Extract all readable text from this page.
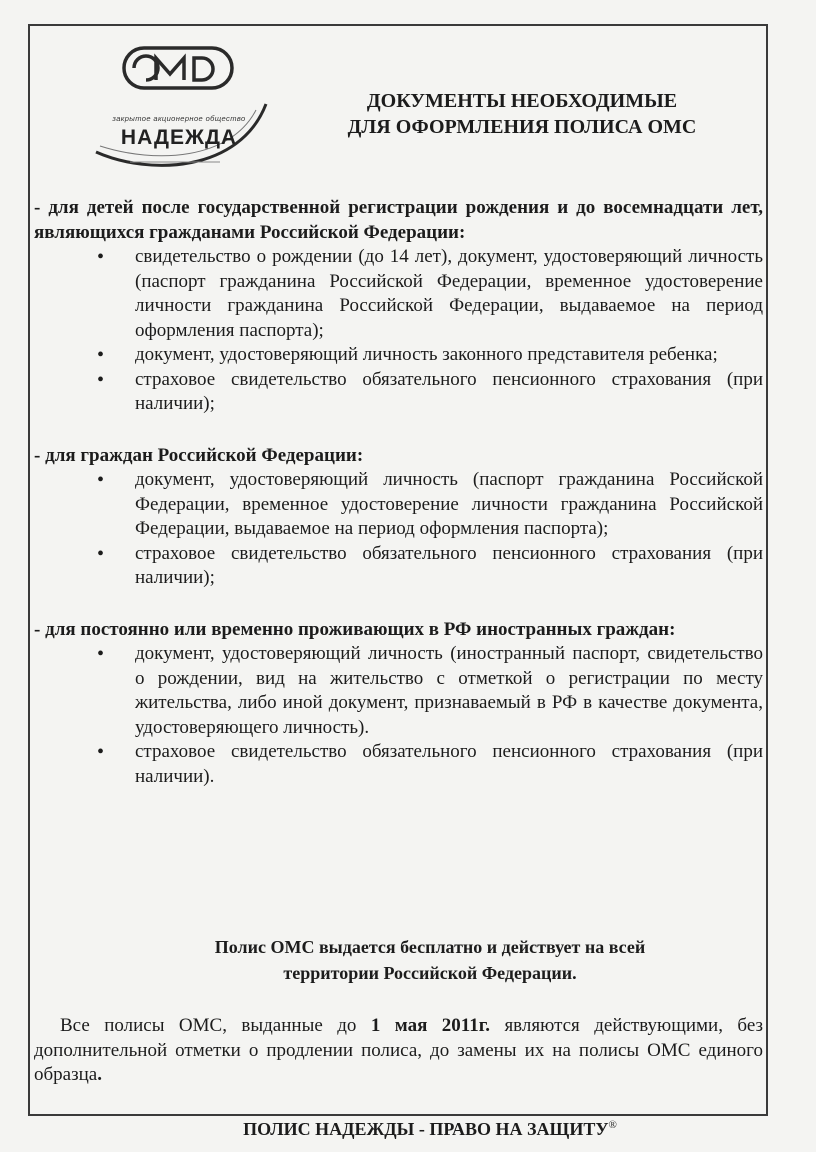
закрытое акционерное общество
НАДЕЖДА
ДОКУМЕНТЫ НЕОБХОДИМЫЕ
ДЛЯ ОФОРМЛЕНИЯ ПОЛИСА ОМС
- для детей после государственной регистрации рождения и до восемнадцати лет, являющихся гражданами Российской Федерации:
• свидетельство о рождении (до 14 лет), документ, удостоверяющий личность (паспорт гражданина Российской Федерации, временное удостоверение личности гражданина Российской Федерации, выдаваемое на период оформления паспорта);
• документ, удостоверяющий личность законного представителя ребенка;
• страховое свидетельство обязательного пенсионного страхования (при наличии);
- для граждан Российской Федерации:
• документ, удостоверяющий личность (паспорт гражданина Российской Федерации, временное удостоверение личности гражданина Российской Федерации, выдаваемое на период оформления паспорта);
• страховое свидетельство обязательного пенсионного страхования (при наличии);
- для постоянно или временно проживающих в РФ иностранных граждан:
• документ, удостоверяющий личность (иностранный паспорт, свидетельство о рождении, вид на жительство с отметкой о регистрации по месту жительства, либо иной документ, признаваемый в РФ в качестве документа, удостоверяющего личность).
• страховое свидетельство обязательного пенсионного страхования (при наличии).
Полис ОМС выдается бесплатно и действует на всей
территории Российской Федерации.
Все полисы ОМС, выданные до 1 мая 2011г. являются действующими, без дополнительной отметки о продлении полиса, до замены их на полисы ОМС единого образца.
ПОЛИС НАДЕЖДЫ - ПРАВО НА ЗАЩИТУ®
